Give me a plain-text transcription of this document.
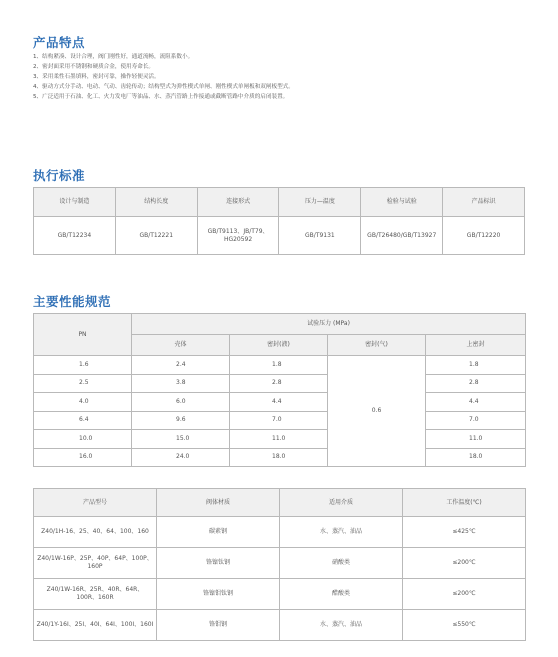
产品特点
1、结构紧凑、设计合理，阀门刚性好，通道流畅，流阻系数小。
2、密封面采用不锈钢和硬质合金，使用寿命长。
3、采用柔性石墨填料，密封可靠，操作轻便灵活。
4、驱动方式分手动、电动、气动、齿轮传动；结构型式为弹性楔式单闸、刚性楔式单闸板和双闸板型式。
5、广泛适用于石油、化工、火力发电厂等油品、水、蒸汽管路上作接通或截断管路中介质的启闭装置。
执行标准
设计与制造	结构长度	连接形式	压力—温度	检验与试验	产品标识
GB/T12234	GB/T12221	GB/T9113、JB/T79、HG20592	GB/T9131	GB/T26480/GB/T13927	GB/T12220
主要性能规范
PN	试验压力 (MPa)			
	壳体	密封(液)	密封(气)	上密封
1.6	2.4	1.8	0.6	1.8
2.5	3.8	2.8		2.8
4.0	6.0	4.4		4.4
6.4	9.6	7.0		7.0
10.0	15.0	11.0		11.0
16.0	24.0	18.0		18.0
产品型号	阀体材质	适用介质	工作温度(℃)
Z40/1H-16、25、40、64、100、160	碳素钢	水、蒸汽、油品	≤425℃
Z40/1W-16P、25P、40P、64P、100P、160P	铬镍钛钢	硝酸类	≤200℃
Z40/1W-16R、25R、40R、64R、100R、160R	铬镍钼钛钢	醋酸类	≤200℃
Z40/1Y-16I、25I、40I、64I、100I、160I	铬钼钢	水、蒸汽、油品	≤550℃
